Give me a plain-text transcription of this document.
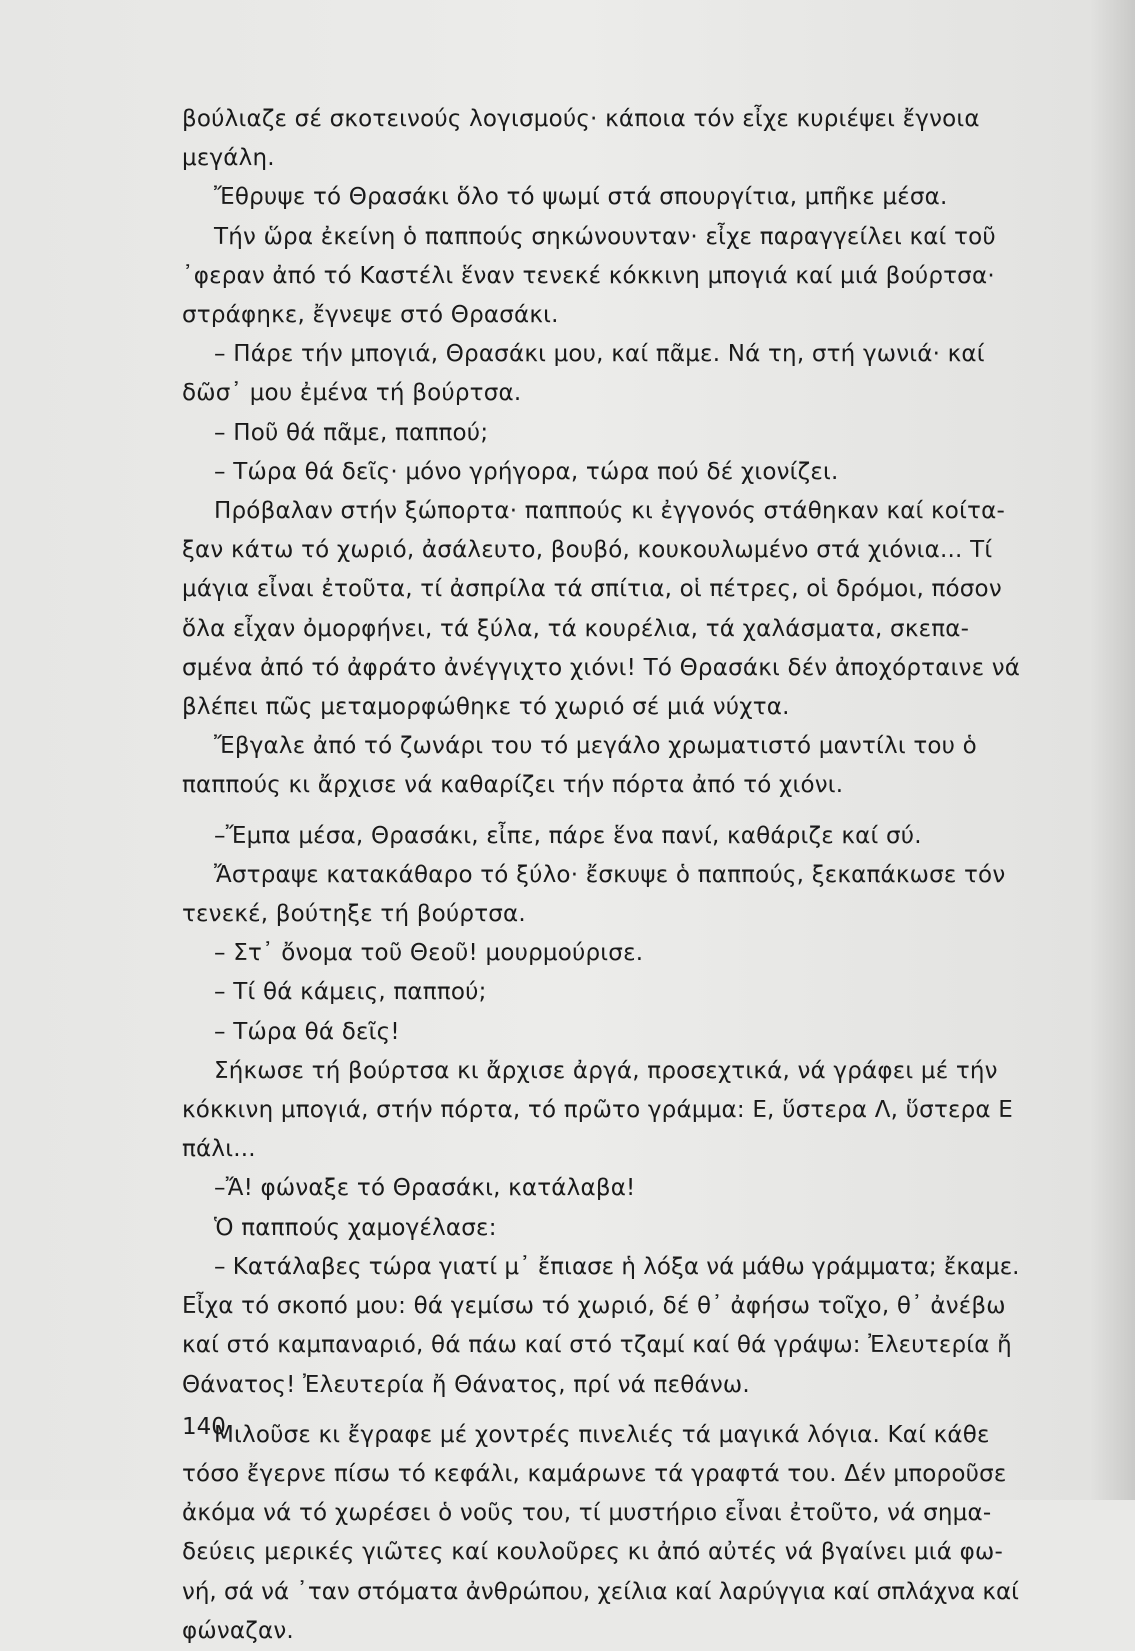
βούλιαζε σέ σκοτεινούς λογισμούς· κάποια τόν εἶχε κυριέψει ἔγνοια
μεγάλη.
Ἔθρυψε τό Θρασάκι ὅλο τό ψωμί στά σπουργίτια, μπῆκε μέσα.
Τήν ὥρα ἐκείνη ὁ παππούς σηκώνουνταν· εἶχε παραγγείλει καί τοῦ
᾽φεραν ἀπό τό Καστέλι ἕναν τενεκέ κόκκινη μπογιά καί μιά βούρτσα·
στράφηκε, ἔγνεψε στό Θρασάκι.
– Πάρε τήν μπογιά, Θρασάκι μου, καί πᾶμε. Νά τη, στή γωνιά· καί
δῶσ᾽ μου ἐμένα τή βούρτσα.
– Ποῦ θά πᾶμε, παππού;
– Τώρα θά δεῖς· μόνο γρήγορα, τώρα πού δέ χιονίζει.
Πρόβαλαν στήν ξώπορτα· παππούς κι ἐγγονός στάθηκαν καί κοίτα-
ξαν κάτω τό χωριό, ἀσάλευτο, βουβό, κουκουλωμένο στά χιόνια... Τί
μάγια εἶναι ἐτοῦτα, τί ἀσπρίλα τά σπίτια, οἱ πέτρες, οἱ δρόμοι, πόσον
ὅλα εἶχαν ὀμορφήνει, τά ξύλα, τά κουρέλια, τά χαλάσματα, σκεπα-
σμένα ἀπό τό ἀφράτο ἀνέγγιχτο χιόνι! Τό Θρασάκι δέν ἀποχόρταινε νά
βλέπει πῶς μεταμορφώθηκε τό χωριό σέ μιά νύχτα.
Ἔβγαλε ἀπό τό ζωνάρι του τό μεγάλο χρωματιστό μαντίλι του ὁ
παππούς κι ἄρχισε νά καθαρίζει τήν πόρτα ἀπό τό χιόνι.
–Ἔμπα μέσα, Θρασάκι, εἶπε, πάρε ἕνα πανί, καθάριζε καί σύ.
Ἄστραψε κατακάθαρο τό ξύλο· ἔσκυψε ὁ παππούς, ξεκαπάκωσε τόν
τενεκέ, βούτηξε τή βούρτσα.
– Στ᾽ ὄνομα τοῦ Θεοῦ! μουρμούρισε.
– Τί θά κάμεις, παππού;
– Τώρα θά δεῖς!
Σήκωσε τή βούρτσα κι ἄρχισε ἀργά, προσεχτικά, νά γράφει μέ τήν
κόκκινη μπογιά, στήν πόρτα, τό πρῶτο γράμμα: Ε, ὕστερα Λ, ὕστερα Ε
πάλι...
–Ἄ! φώναξε τό Θρασάκι, κατάλαβα!
Ὁ παππούς χαμογέλασε:
– Κατάλαβες τώρα γιατί μ᾽ ἔπιασε ἡ λόξα νά μάθω γράμματα; ἔκαμε.
Εἶχα τό σκοπό μου: θά γεμίσω τό χωριό, δέ θ᾽ ἀφήσω τοῖχο, θ᾽ ἀνέβω
καί στό καμπαναριό, θά πάω καί στό τζαμί καί θά γράψω: Ἐλευτερία ἤ
Θάνατος! Ἐλευτερία ἤ Θάνατος, πρί νά πεθάνω.
Μιλοῦσε κι ἔγραφε μέ χοντρές πινελιές τά μαγικά λόγια. Καί κάθε
τόσο ἔγερνε πίσω τό κεφάλι, καμάρωνε τά γραφτά του. Δέν μποροῦσε
ἀκόμα νά τό χωρέσει ὁ νοῦς του, τί μυστήριο εἶναι ἐτοῦτο, νά σημα-
δεύεις μερικές γιῶτες καί κουλοῦρες κι ἀπό αὐτές νά βγαίνει μιά φω-
νή, σά νά ᾽ταν στόματα ἀνθρώπου, χείλια καί λαρύγγια καί σπλάχνα καί
φώναζαν.
140
